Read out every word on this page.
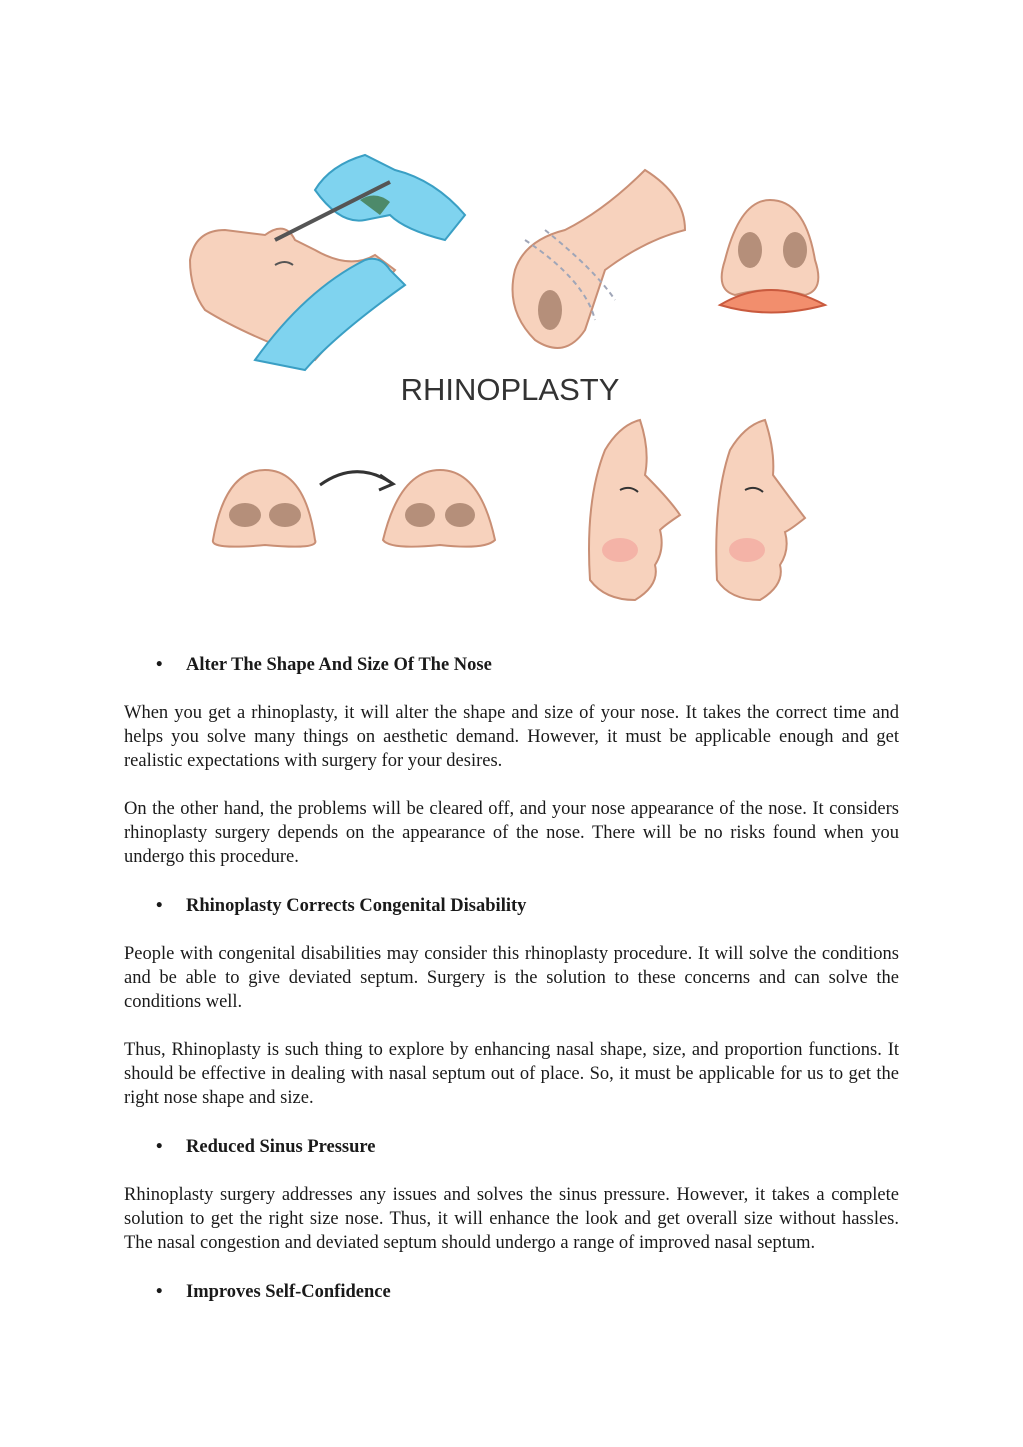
RHINOPLASTY

• Alter The Shape And Size Of The Nose

When you get a rhinoplasty, it will alter the shape and size of your nose. It takes the correct time and helps you solve many things on aesthetic demand. However, it must be applicable enough and get realistic expectations with surgery for your desires.

On the other hand, the problems will be cleared off, and your nose appearance of the nose. It considers rhinoplasty surgery depends on the appearance of the nose. There will be no risks found when you undergo this procedure.

• Rhinoplasty Corrects Congenital Disability

People with congenital disabilities may consider this rhinoplasty procedure. It will solve the conditions and be able to give deviated septum. Surgery is the solution to these concerns and can solve the conditions well.

Thus, Rhinoplasty is such thing to explore by enhancing nasal shape, size, and proportion functions. It should be effective in dealing with nasal septum out of place. So, it must be applicable for us to get the right nose shape and size.

• Reduced Sinus Pressure

Rhinoplasty surgery addresses any issues and solves the sinus pressure. However, it takes a complete solution to get the right size nose. Thus, it will enhance the look and get overall size without hassles. The nasal congestion and deviated septum should undergo a range of improved nasal septum.

• Improves Self-Confidence
